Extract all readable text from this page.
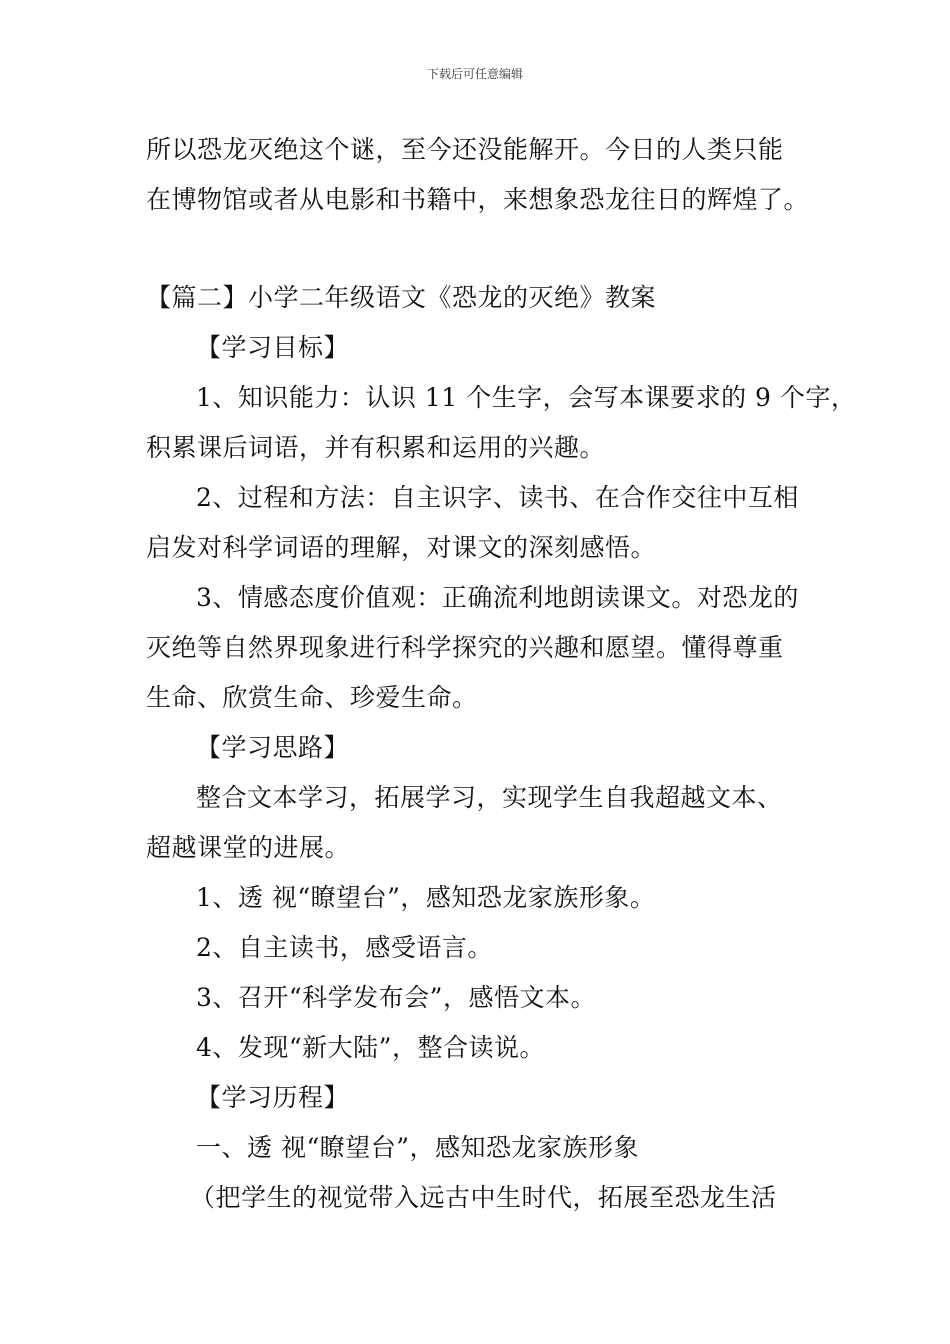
下载后可任意编辑
所以恐龙灭绝这个谜，至今还没能解开。今日的人类只能
在博物馆或者从电影和书籍中，来想象恐龙往日的辉煌了。
【篇二】小学二年级语文《恐龙的灭绝》教案
【学习目标】
1、知识能力：认识 11 个生字，会写本课要求的 9 个字，
积累课后词语，并有积累和运用的兴趣。
2、过程和方法：自主识字、读书、在合作交往中互相
启发对科学词语的理解，对课文的深刻感悟。
3、情感态度价值观：正确流利地朗读课文。对恐龙的
灭绝等自然界现象进行科学探究的兴趣和愿望。懂得尊重
生命、欣赏生命、珍爱生命。
【学习思路】
整合文本学习，拓展学习，实现学生自我超越文本、
超越课堂的进展。
1、透 视“瞭望台”，感知恐龙家族形象。
2、自主读书，感受语言。
3、召开“科学发布会”，感悟文本。
4、发现“新大陆”，整合读说。
【学习历程】
一、透 视“瞭望台”，感知恐龙家族形象
（把学生的视觉带入远古中生时代，拓展至恐龙生活
